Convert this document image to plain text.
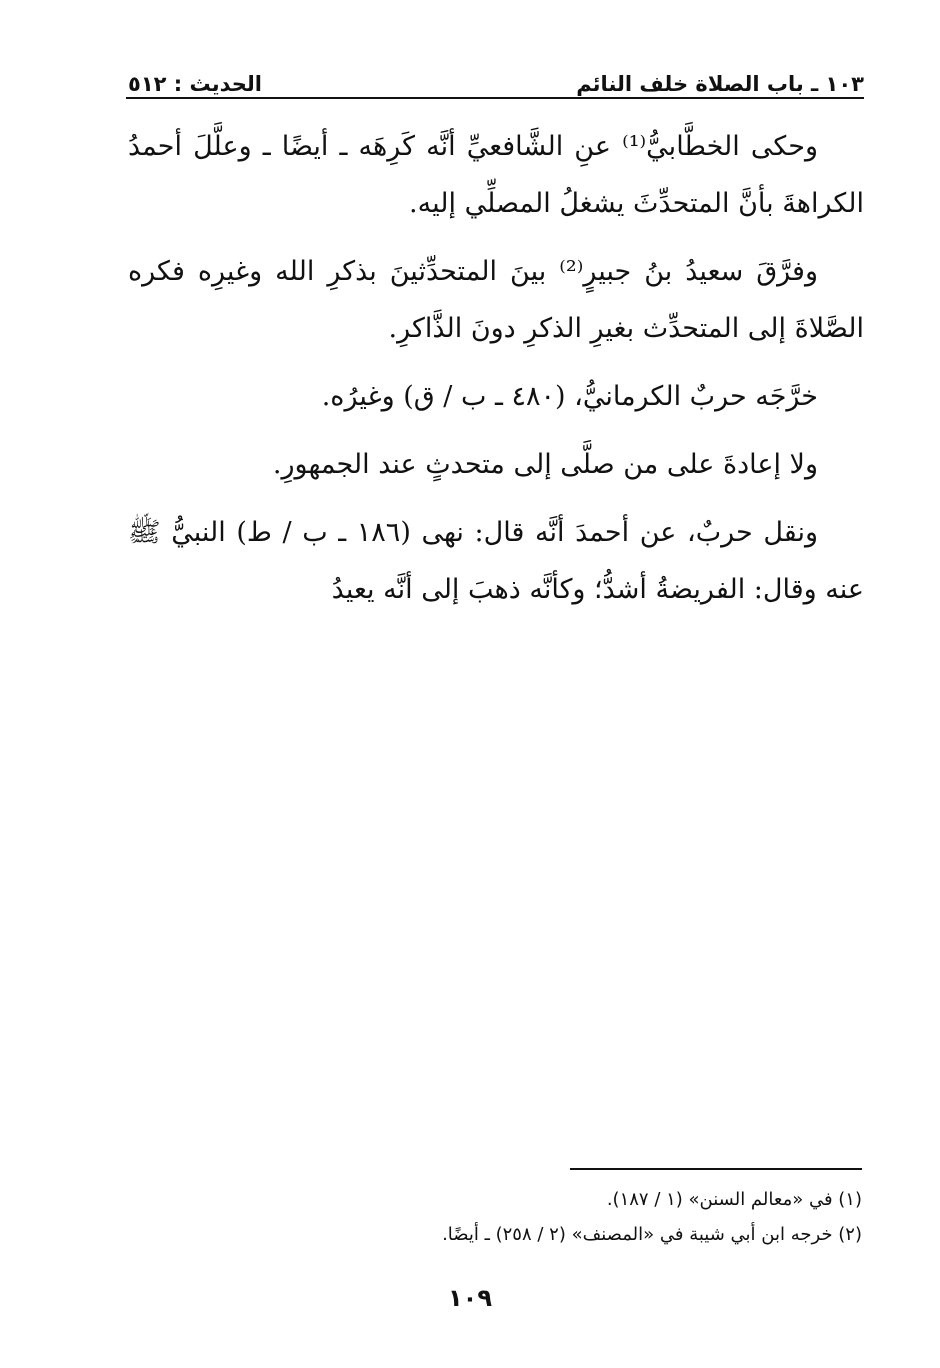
١٠٣ ـ باب الصلاة خلف النائم
الحديث : ٥١٢

وحكى الخطَّابيُّ⁽¹⁾ عنِ الشَّافعيِّ أنَّه كَرِهَه ـ أيضًا ـ وعلَّلَ أحمدُ الكراهةَ بأنَّ المتحدِّثَ يشغلُ المصلِّي إليه.

وفرَّقَ سعيدُ بنُ جبيرٍ⁽²⁾ بينَ المتحدِّثينَ بذكرِ الله وغيرِه فكره الصَّلاةَ إلى المتحدِّث بغيرِ الذكرِ دونَ الذَّاكرِ.

خرَّجَه حربٌ الكرمانيُّ، (٤٨٠ ـ ب / ق) وغيرُه.

ولا إعادةَ على من صلَّى إلى متحدثٍ عند الجمهورِ.

ونقل حربٌ، عن أحمدَ أنَّه قال: نهى (١٨٦ ـ ب / ط) النبيُّ ﷺ عنه وقال: الفريضةُ أشدُّ؛ وكأنَّه ذهبَ إلى أنَّه يعيدُ

(١) في «معالم السنن» (١ / ١٨٧).

(٢) خرجه ابن أبي شيبة في «المصنف» (٢ / ٢٥٨) ـ أيضًا.

١٠٩
